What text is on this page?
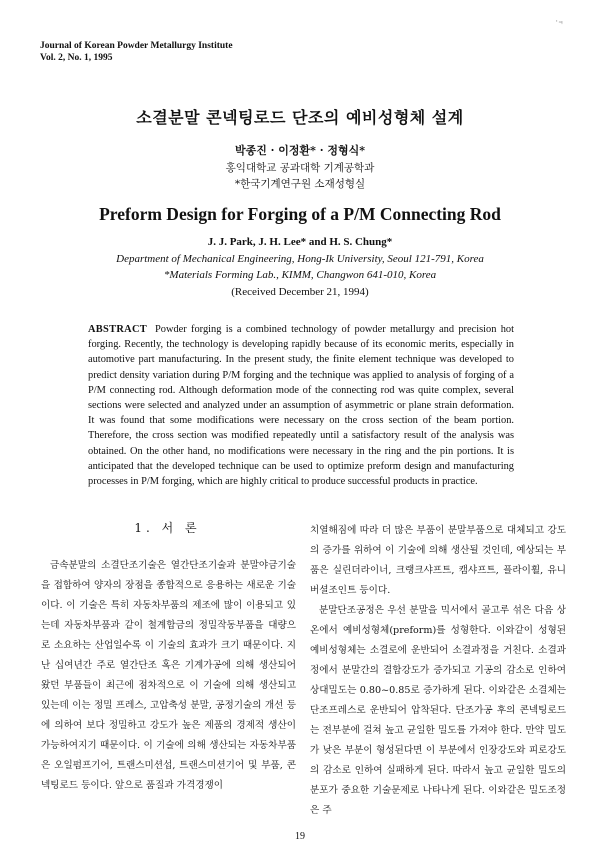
Journal of Korean Powder Metallurgy Institute
Vol. 2, No. 1, 1995
'ㅋ
소결분말 콘넥팅로드 단조의 예비성형체 설계
박종진 · 이정환* · 정형식*
홍익대학교 공과대학 기계공학과
*한국기계연구원 소재성형실
Preform Design for Forging of a P/M Connecting Rod
J. J. Park, J. H. Lee* and H. S. Chung*
Department of Mechanical Engineering, Hong-Ik University, Seoul 121-791, Korea
*Materials Forming Lab., KIMM, Changwon 641-010, Korea
(Received December 21, 1994)
ABSTRACT Powder forging is a combined technology of powder metallurgy and precision hot forging. Recently, the technology is developing rapidly because of its economic merits, especially in automotive part manufacturing. In the present study, the finite element technique was developed to predict density variation during P/M forging and the technique was applied to analysis of forging of a P/M connecting rod. Although deformation mode of the connecting rod was quite complex, several sections were selected and analyzed under an assumption of asymmetric or plane strain deformation. It was found that some modifications were necessary on the cross section of the beam portion. Therefore, the cross section was modified repeatedly until a satisfactory result of the analysis was obtained. On the other hand, no modifications were necessary in the ring and the pin portions. It is anticipated that the developed technique can be used to optimize preform design and manufacturing processes in P/M forging, which are highly critical to produce successful products in practice.
1. 서 론

금속분말의 소결단조기술은 열간단조기술과 분말야금기술을 접합하여 양자의 장점을 종합적으로 응용하는 새로운 기술이다. 이 기술은 특히 자동차부품의 제조에 많이 이용되고 있는데 자동차부품과 같이 철계합금의 정밀작동부품을 대량으로 소요하는 산업일수록 이 기술의 효과가 크기 때문이다. 지난 십여년간 주로 열간단조 혹은 기계가공에 의해 생산되어 왔던 부품들이 최근에 점차적으로 이 기술에 의해 생산되고 있는데 이는 정밀 프레스, 고압축성 분말, 공정기술의 개선 등에 의하여 보다 정밀하고 강도가 높은 제품의 경제적 생산이 가능하여지기 때문이다. 이 기술에 의해 생산되는 자동차부품은 오일펌프기어, 트랜스미션섭, 트랜스미션기어 및 부품, 콘넥팅로드 등이다. 앞으로 품질과 가격경쟁이

치열해짐에 따라 더 많은 부품이 분말부품으로 대체되고 강도의 증가를 위하여 이 기술에 의해 생산될 것인데, 예상되는 부품은 실린더라이너, 크랭크샤프트, 캠샤프트, 플라이휠, 유니버셜조인트 등이다.

분말단조공정은 우선 분말을 믹서에서 골고루 섞은 다음 상온에서 예비성형체(preform)를 성형한다. 이와같이 성형된 예비성형체는 소결로에 운반되어 소결과정을 거친다. 소결과정에서 분말간의 결합강도가 증가되고 기공의 감소로 인하여 상대밀도는 0.80~0.85로 증가하게 된다. 이와같은 소결체는 단조프레스로 운반되어 압착된다. 단조가공 후의 콘넥팅로드는 전부분에 걸쳐 높고 균일한 밀도를 가져야 한다. 만약 밀도가 낮은 부분이 형성된다면 이 부분에서 인장강도와 피로강도의 감소로 인하여 실패하게 된다. 따라서 높고 균일한 밀도의 분포가 중요한 기술문제로 나타나게 된다. 이와같은 밀도조정은 주

19
